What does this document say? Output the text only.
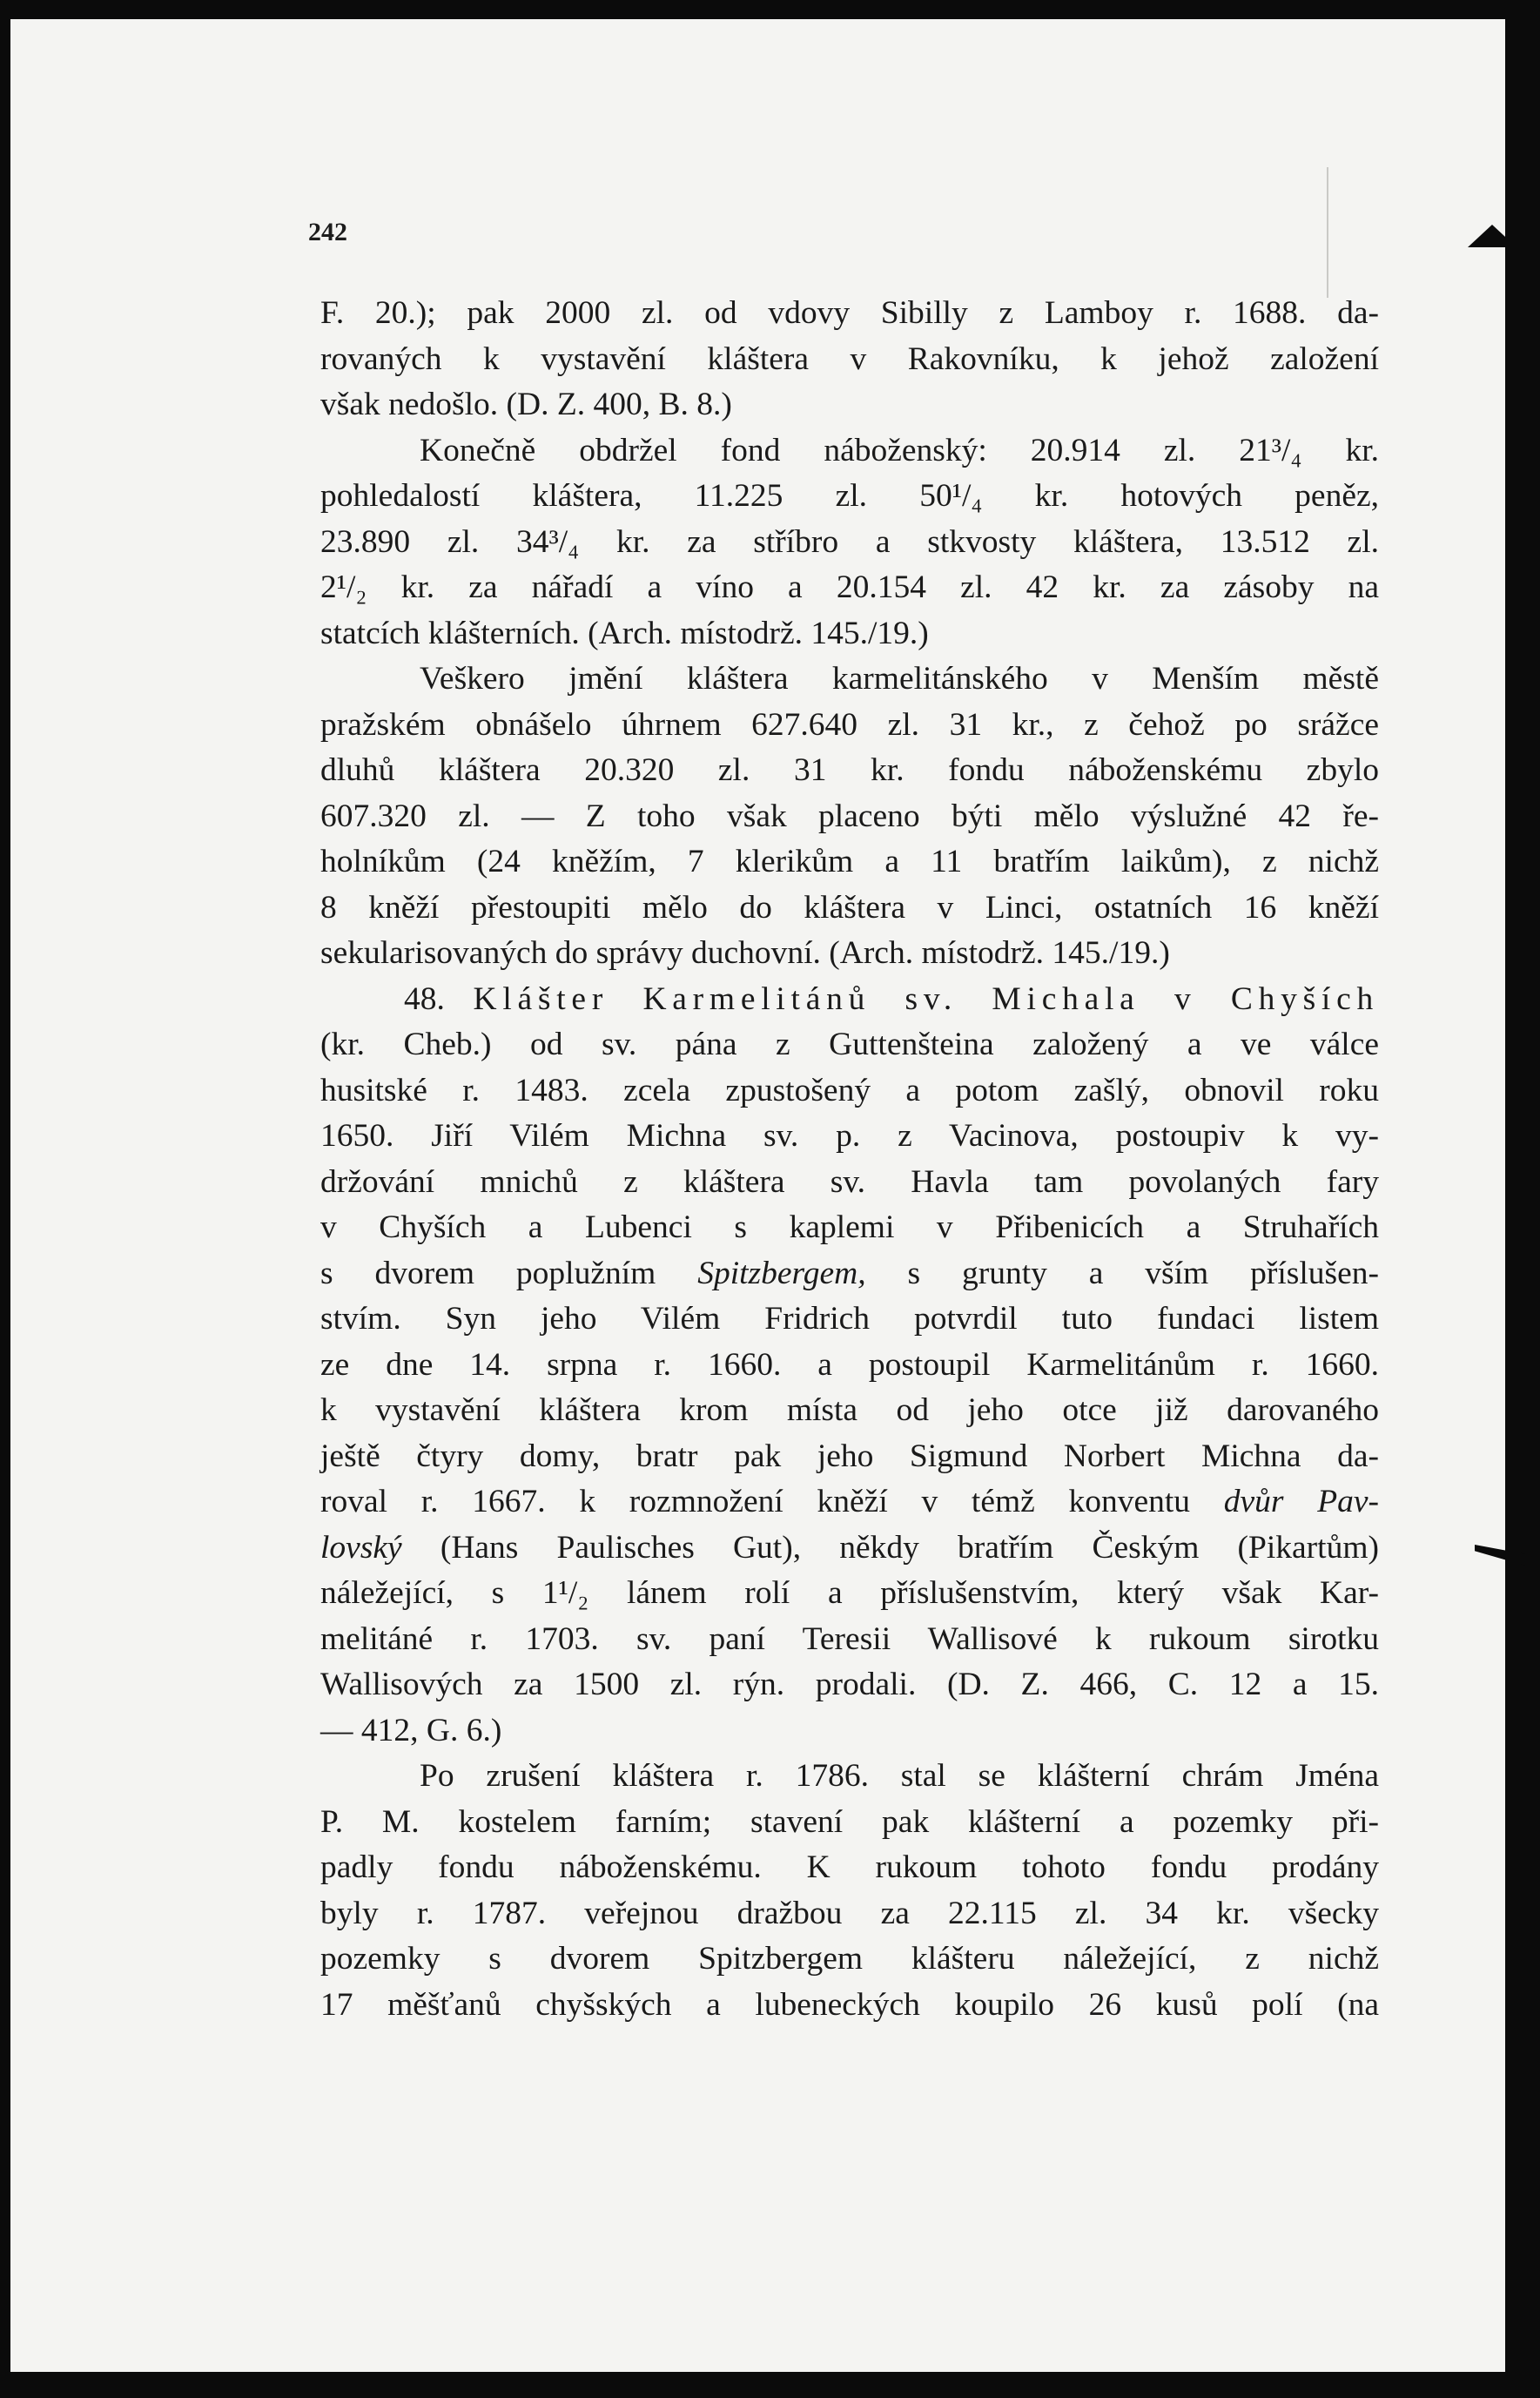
242
F. 20.); pak 2000 zl. od vdovy Sibilly z Lamboy r. 1688. da-
rovaných k vystavění kláštera v Rakovníku, k jehož založení
však nedošlo. (D. Z. 400, B. 8.)
Konečně obdržel fond náboženský: 20.914 zl. 21³/₄ kr.
pohledalostí kláštera, 11.225 zl. 50¹/₄ kr. hotových peněz,
23.890 zl. 34³/₄ kr. za stříbro a stkvosty kláštera, 13.512 zl.
2¹/₂ kr. za nářadí a víno a 20.154 zl. 42 kr. za zásoby na
statcích klášterních. (Arch. místodrž. 145./19.)
Veškero jmění kláštera karmelitánského v Menším městě
pražském obnášelo úhrnem 627.640 zl. 31 kr., z čehož po srážce
dluhů kláštera 20.320 zl. 31 kr. fondu náboženskému zbylo
607.320 zl. — Z toho však placeno býti mělo výslužné 42 ře-
holníkům (24 kněžím, 7 klerikům a 11 bratřím laikům), z nichž
8 kněží přestoupiti mělo do kláštera v Linci, ostatních 16 kněží
sekularisovaných do správy duchovní. (Arch. místodrž. 145./19.)
48. Klášter Karmelitánů sv. Michala v Chyších
(kr. Cheb.) od sv. pána z Guttenšteina založený a ve válce
husitské r. 1483. zcela zpustošený a potom zašlý, obnovil roku
1650. Jiří Vilém Michna sv. p. z Vacinova, postoupiv k vy-
držování mnichů z kláštera sv. Havla tam povolaných fary
v Chyších a Lubenci s kaplemi v Přibenicích a Struhařích
s dvorem poplužním Spitzbergem, s grunty a vším příslušen-
stvím. Syn jeho Vilém Fridrich potvrdil tuto fundaci listem
ze dne 14. srpna r. 1660. a postoupil Karmelitánům r. 1660.
k vystavění kláštera krom místa od jeho otce již darovaného
ještě čtyry domy, bratr pak jeho Sigmund Norbert Michna da-
roval r. 1667. k rozmnožení kněží v témž konventu dvůr Pav-
lovský (Hans Paulisches Gut), někdy bratřím Českým (Pikartům)
náležející, s 1¹/₂ lánem rolí a příslušenstvím, který však Kar-
melitáné r. 1703. sv. paní Teresii Wallisové k rukoum sirotku
Wallisových za 1500 zl. rýn. prodali. (D. Z. 466, C. 12 a 15.
— 412, G. 6.)
Po zrušení kláštera r. 1786. stal se klášterní chrám Jména
P. M. kostelem farním; stavení pak klášterní a pozemky při-
padly fondu náboženskému. K rukoum tohoto fondu prodány
byly r. 1787. veřejnou dražbou za 22.115 zl. 34 kr. všecky
pozemky s dvorem Spitzbergem klášteru náležející, z nichž
17 měšťanů chyšských a lubeneckých koupilo 26 kusů polí (na
